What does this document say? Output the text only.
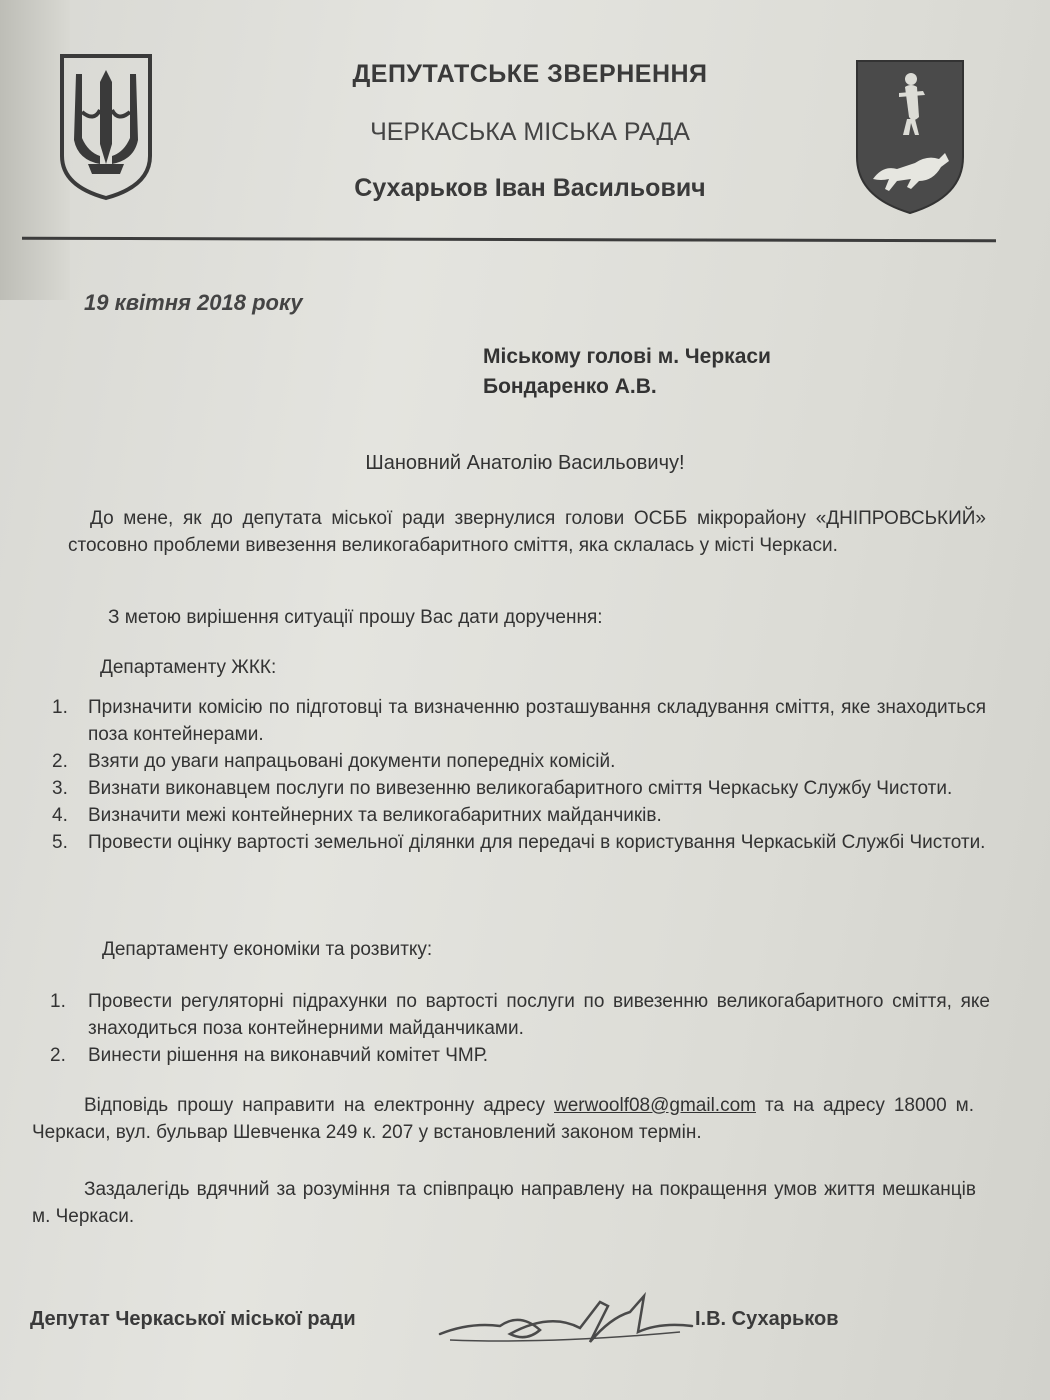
ДЕПУТАТСЬКЕ ЗВЕРНЕННЯ
ЧЕРКАСЬКА МІСЬКА РАДА
Сухарьков Іван Васильович
19 квітня 2018 року
Міському голові м. Черкаси
Бондаренко А.В.
Шановний Анатолію Васильовичу!
До мене, як до депутата міської ради звернулися голови ОСББ мікрорайону «ДНІПРОВСЬКИЙ» стосовно проблеми вивезення великогабаритного сміття, яка склалась у місті Черкаси.
З метою вирішення ситуації прошу Вас дати доручення:
Департаменту ЖКК:
1. Призначити комісію по підготовці та визначенню розташування складування сміття, яке знаходиться поза контейнерами.
2. Взяти до уваги напрацьовані документи попередніх комісій.
3. Визнати виконавцем послуги по вивезенню великогабаритного сміття Черкаську Службу Чистоти.
4. Визначити межі контейнерних та великогабаритних майданчиків.
5. Провести оцінку вартості земельної ділянки для передачі в користування Черкаській Службі Чистоти.
Департаменту економіки та розвитку:
1. Провести регуляторні підрахунки по вартості послуги по вивезенню великогабаритного сміття, яке знаходиться поза контейнерними майданчиками.
2. Винести рішення на виконавчий комітет ЧМР.
Відповідь прошу направити на електронну адресу werwoolf08@gmail.com та на адресу 18000 м. Черкаси, вул. бульвар Шевченка 249 к. 207 у встановлений законом термін.
Заздалегідь вдячний за розуміння та співпрацю направлену на покращення умов життя мешканців м. Черкаси.
Депутат Черкаської міської ради	І.В. Сухарьков
